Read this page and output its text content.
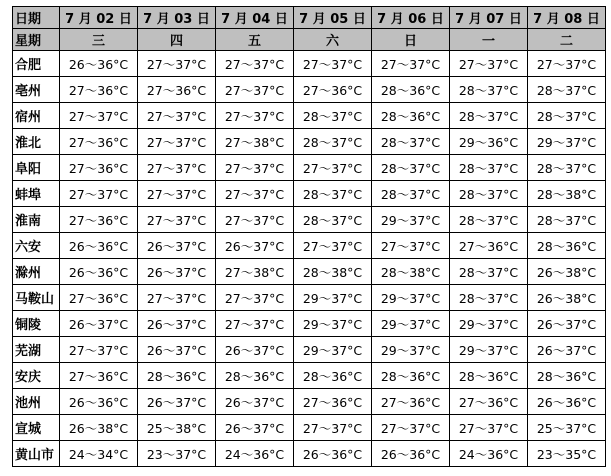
日期	7 月 02 日	7 月 03 日	7 月 04 日	7 月 05 日	7 月 06 日	7 月 07 日	7 月 08 日
星期	三	四	五	六	日	一	二
合肥	26～36°C	27～37°C	27～37°C	27～37°C	27～37°C	27～37°C	27～37°C
亳州	27～36°C	27～36°C	27～37°C	27～36°C	28～36°C	28～37°C	28～37°C
宿州	27～37°C	27～37°C	27～37°C	28～37°C	28～36°C	28～37°C	28～37°C
淮北	27～36°C	27～37°C	27～38°C	28～37°C	28～37°C	29～36°C	29～37°C
阜阳	27～36°C	27～37°C	27～37°C	27～37°C	28～37°C	28～37°C	28～37°C
蚌埠	27～37°C	27～37°C	27～37°C	28～37°C	28～37°C	28～37°C	28～38°C
淮南	27～36°C	27～37°C	27～37°C	28～37°C	29～37°C	28～37°C	28～37°C
六安	26～36°C	26～37°C	26～37°C	27～37°C	27～37°C	27～36°C	28～36°C
滁州	26～36°C	26～37°C	27～38°C	28～38°C	28～38°C	28～37°C	26～38°C
马鞍山	27～36°C	27～37°C	27～37°C	29～37°C	29～37°C	28～37°C	26～38°C
铜陵	26～37°C	26～37°C	27～37°C	29～37°C	29～37°C	29～37°C	26～37°C
芜湖	27～37°C	26～37°C	26～37°C	29～37°C	29～37°C	29～37°C	26～37°C
安庆	27～36°C	28～36°C	28～36°C	28～36°C	28～36°C	28～36°C	28～36°C
池州	26～36°C	26～37°C	26～37°C	27～36°C	27～36°C	27～36°C	26～36°C
宣城	26～38°C	25～38°C	26～37°C	27～37°C	27～37°C	27～37°C	25～37°C
黄山市	24～34°C	23～37°C	24～36°C	26～36°C	26～36°C	24～36°C	23～35°C
